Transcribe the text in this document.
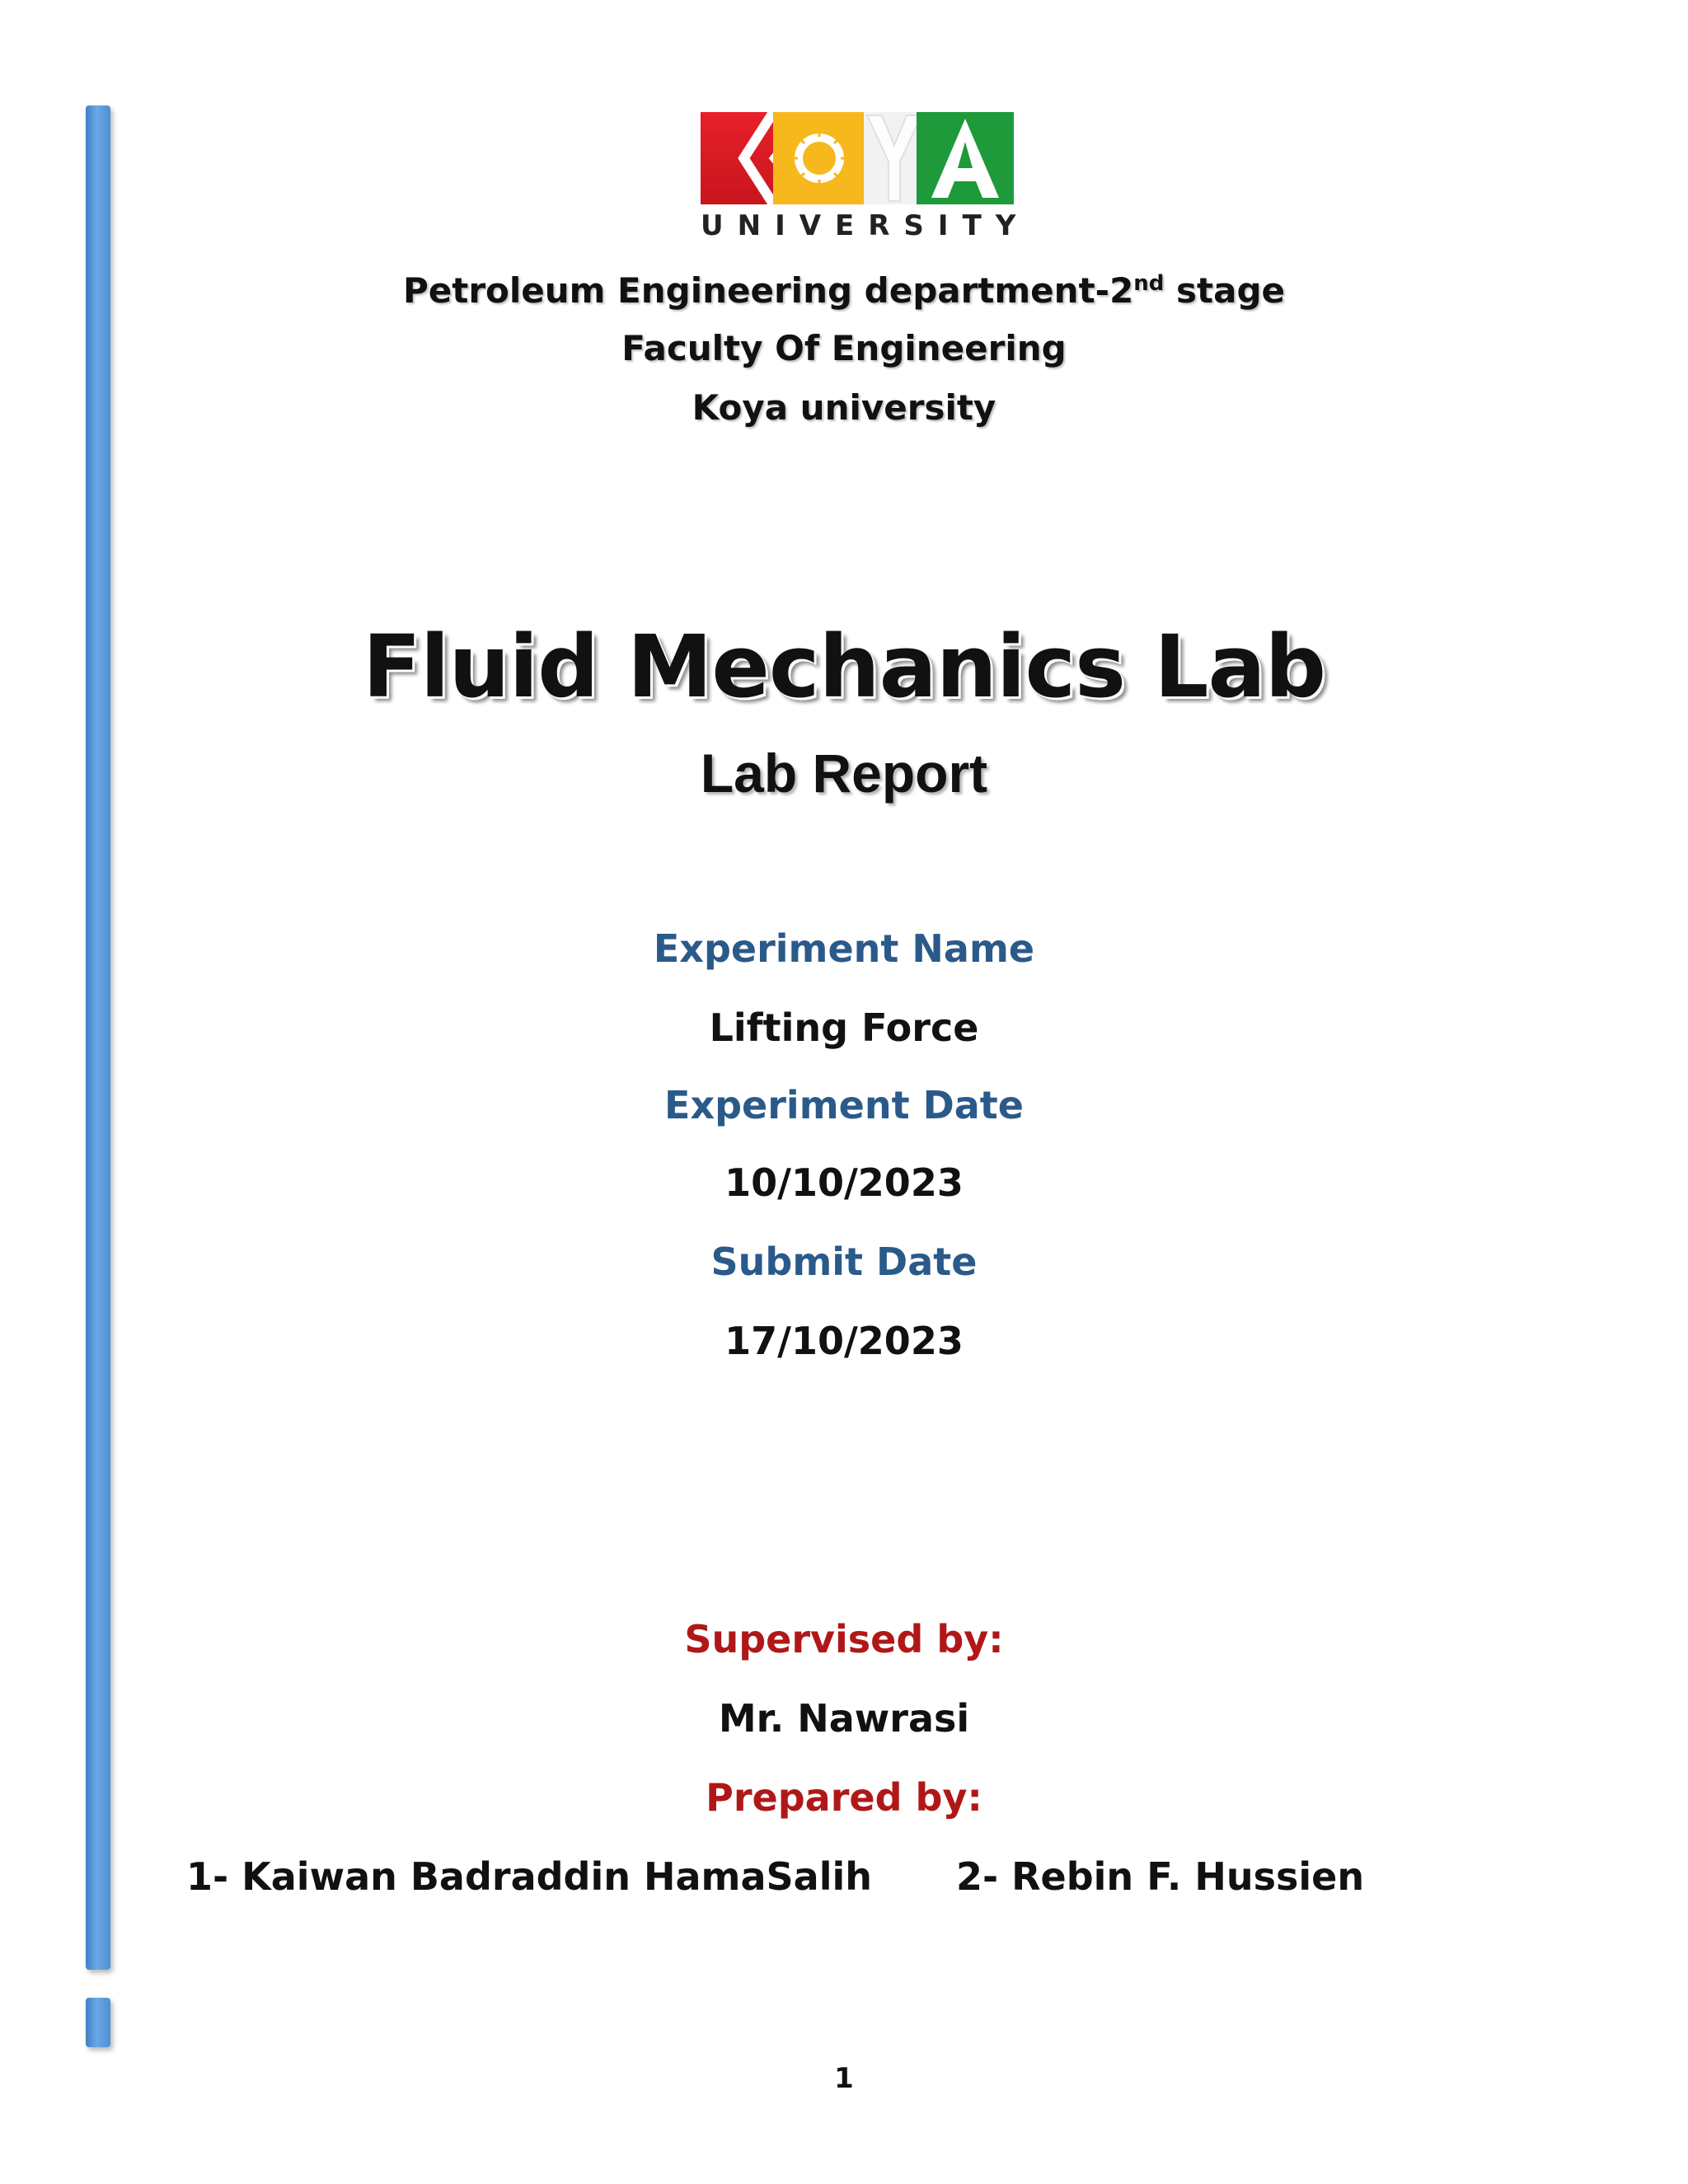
UNIVERSITY
Petroleum Engineering department-2nd stage
Faculty Of Engineering
Koya university
Fluid Mechanics Lab
Lab Report
Experiment Name
Lifting Force
Experiment Date
10/10/2023
Submit Date
17/10/2023
Supervised by:
Mr. Nawrasi
Prepared by:
1- Kaiwan Badraddin HamaSalih 2- Rebin F. Hussien
1
